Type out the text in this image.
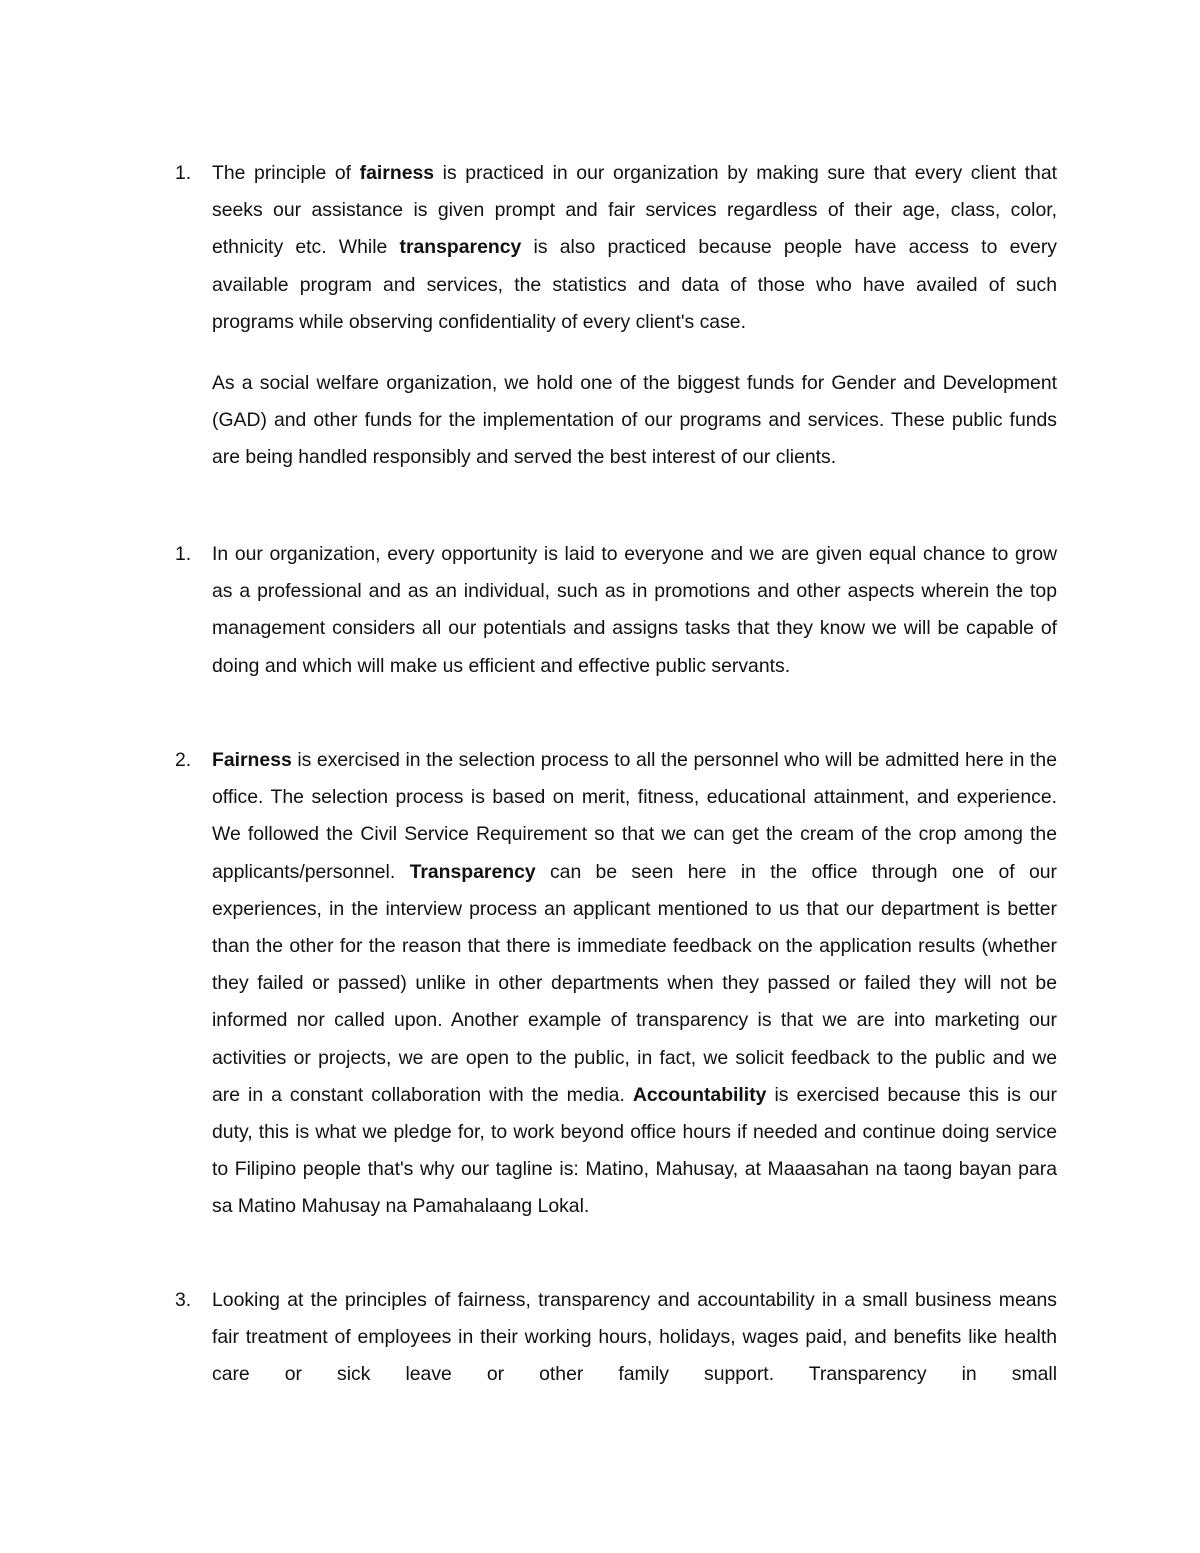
1.	The principle of fairness is practiced in our organization by making sure that every client that seeks our assistance is given prompt and fair services regardless of their age, class, color, ethnicity etc. While transparency is also practiced because people have access to every available program and services, the statistics and data of those who have availed of such programs while observing confidentiality of every client's case.

As a social welfare organization, we hold one of the biggest funds for Gender and Development (GAD) and other funds for the implementation of our programs and services. These public funds are being handled responsibly and served the best interest of our clients.

1.	In our organization, every opportunity is laid to everyone and we are given equal chance to grow as a professional and as an individual, such as in promotions and other aspects wherein the top management considers all our potentials and assigns tasks that they know we will be capable of doing and which will make us efficient and effective public servants.

2.	Fairness is exercised in the selection process to all the personnel who will be admitted here in the office. The selection process is based on merit, fitness, educational attainment, and experience. We followed the Civil Service Requirement so that we can get the cream of the crop among the applicants/personnel. Transparency can be seen here in the office through one of our experiences, in the interview process an applicant mentioned to us that our department is better than the other for the reason that there is immediate feedback on the application results (whether they failed or passed) unlike in other departments when they passed or failed they will not be informed nor called upon. Another example of transparency is that we are into marketing our activities or projects, we are open to the public, in fact, we solicit feedback to the public and we are in a constant collaboration with the media. Accountability is exercised because this is our duty, this is what we pledge for, to work beyond office hours if needed and continue doing service to Filipino people that's why our tagline is: Matino, Mahusay, at Maaasahan na taong bayan para sa Matino Mahusay na Pamahalaang Lokal.

3.	Looking at the principles of fairness, transparency and accountability in a small business means fair treatment of employees in their working hours, holidays, wages paid, and benefits like health care or sick leave or other family support. Transparency in small
